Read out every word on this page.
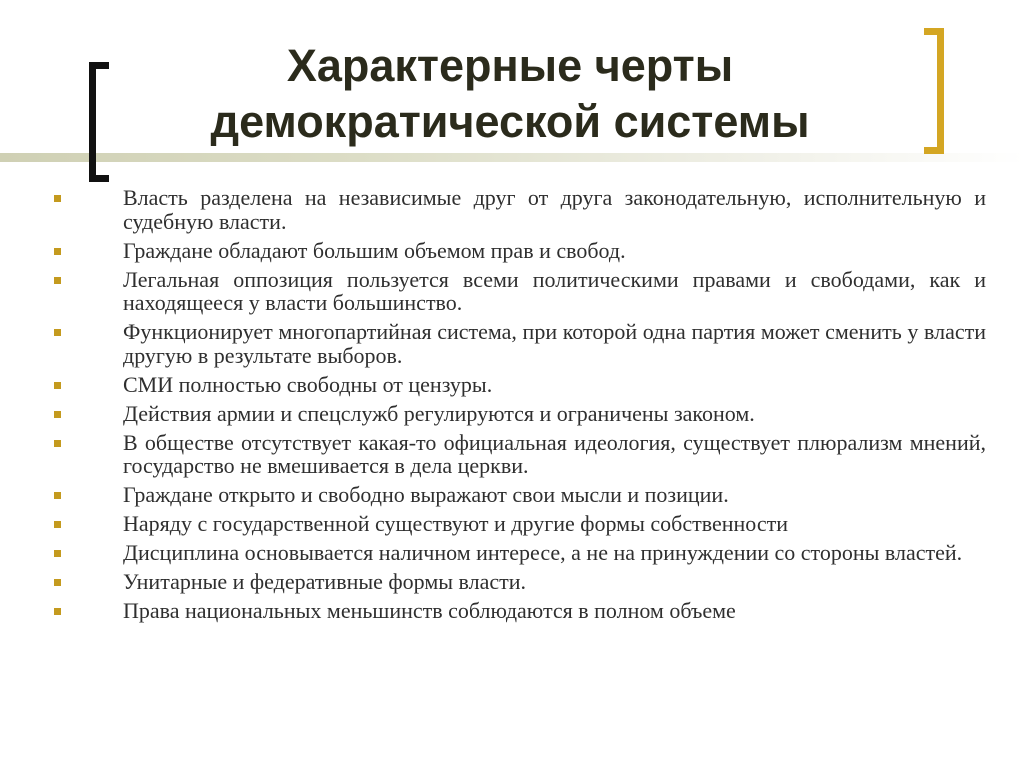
Характерные черты
демократической системы
Власть разделена на независимые друг от друга законодательную, исполнительную и судебную власти.
Граждане обладают большим объемом прав и свобод.
Легальная оппозиция пользуется всеми политическими правами и свободами, как и находящееся у власти большинство.
Функционирует многопартийная система, при которой одна партия может сменить у власти другую в результате выборов.
СМИ полностью свободны от цензуры.
Действия армии и спецслужб регулируются и ограничены законом.
В обществе отсутствует какая-то официальная идеология, существует плюрализм мнений, государство не вмешивается в дела церкви.
Граждане открыто и свободно выражают свои мысли и позиции.
Наряду с государственной существуют и другие формы собственности
Дисциплина основывается наличном интересе, а не на принуждении со стороны властей.
Унитарные и федеративные формы власти.
Права национальных меньшинств соблюдаются в полном объеме
